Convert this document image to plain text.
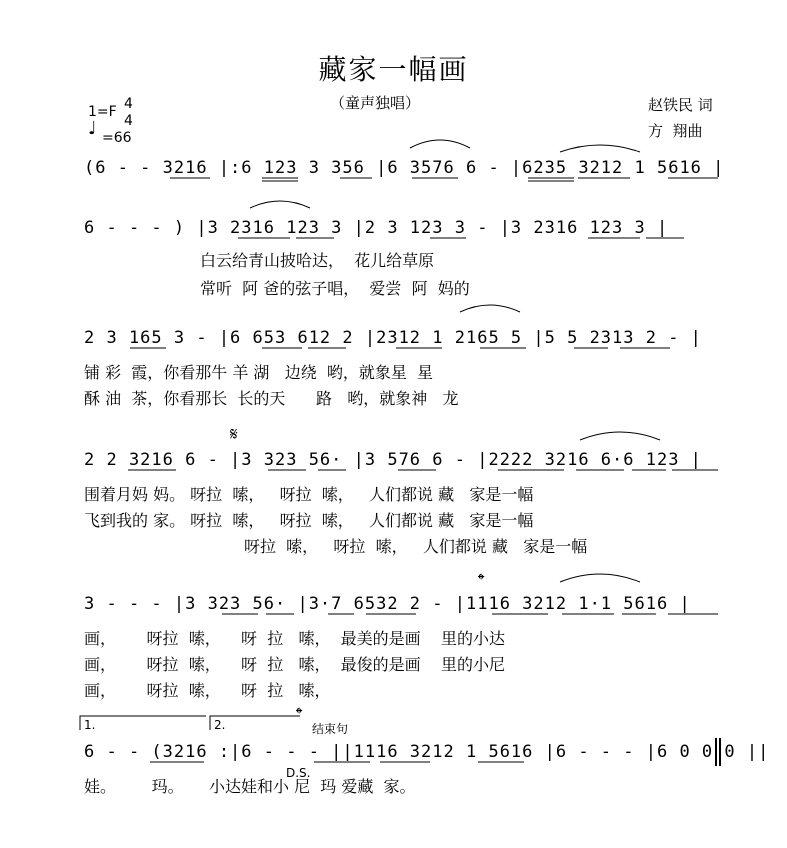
藏家一幅画
（童声独唱）
1=F 4
4
♩ =66
赵铁民 词
方  翔曲
(6 - - 3216 |:6 123 3 356 |6 3576 6 - |6235 3212 1 5616 |
6 - - - ) |3 2316 123 3 |2 3 123 3 - |3 2316 123 3 |
白云给青山披哈达，  花儿给草原
常听  阿 爸的弦子唱，  爱尝  阿  妈的
2 3 165 3 - |6 653 612 2 |2312 1 2165 5 |5 5 2313 2 - |
铺 彩  霞，你看那牛 羊 湖   边绕  哟，就象星  星
酥 油  茶，你看那长  长的天      路   哟，就象神   龙
𝄋
2 2 3216 6 - |3 323 56· |3 576 6 - |2222 3216 6·6 123 |
围着月妈 妈。 呀拉  嗦，   呀拉  嗦，   人们都说 藏   家是一幅
飞到我的 家。 呀拉  嗦，   呀拉  嗦，   人们都说 藏   家是一幅
呀拉  嗦，   呀拉  嗦，   人们都说 藏   家是一幅
𝄌
3 - - - |3 323 56· |3·7 6532 2 - |1116 3212 1·1 5616 |
画，      呀拉  嗦，    呀  拉   嗦，  最美的是画    里的小达
画，      呀拉  嗦，    呀  拉   嗦，  最俊的是画    里的小尼
画，      呀拉  嗦，    呀  拉   嗦，
1.	2.	𝄌
结束句
6 - - (3216 :|6 - - - ||1116 3212 1 5616 |6 - - - |6 0 0 0 ||
D.S.
娃。       玛。     小达娃和小 尼  玛 爱藏  家。
